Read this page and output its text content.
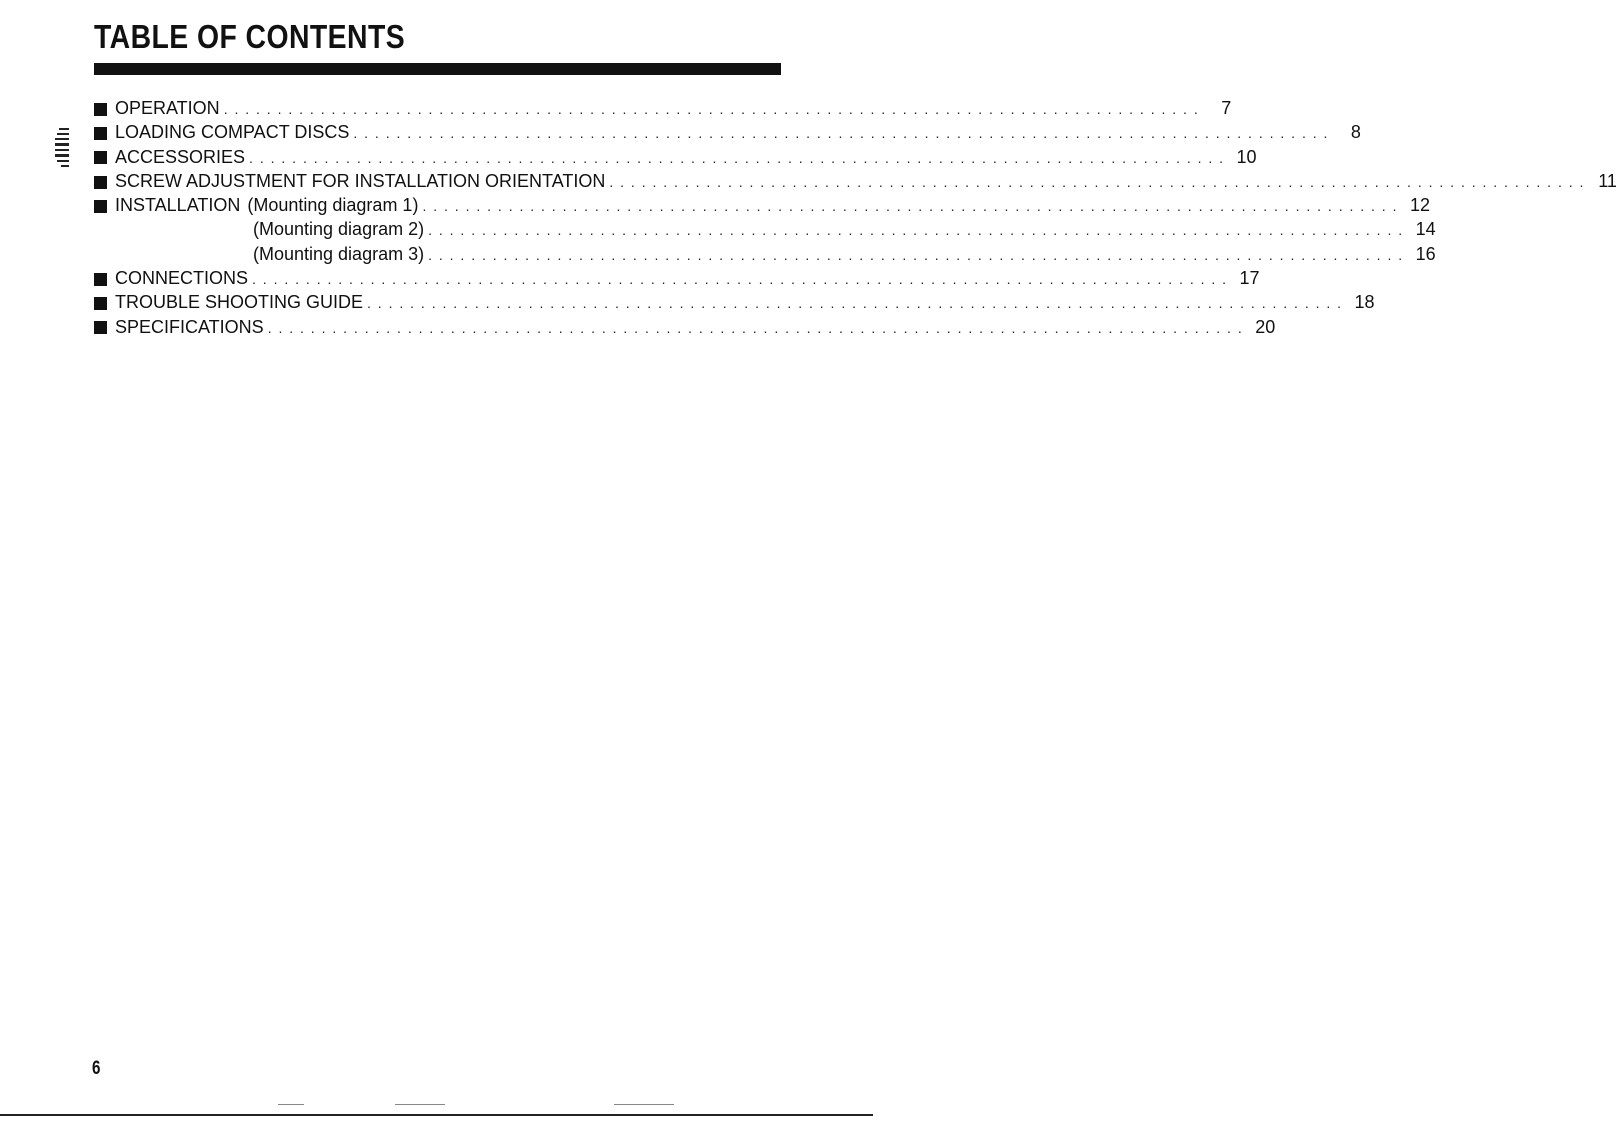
TABLE OF CONTENTS
OPERATION . . . . . . . . . . . . . . . . . . . . . . . . . . . . . . . . . . . . . . . . . . . . . . . . . . . . . . . . . . . . . . . . . . . . . . . . . . . . . . . . . . . . . . . . . . .	7
LOADING COMPACT DISCS . . . . . . . . . . . . . . . . . . . . . . . . . . . . . . . . . . . . . . . . . . . . . . . . . . . . . . . . . . . . . . . . . . . . . . . . . . . . . . . . . . . . . . . . . . .	8
ACCESSORIES . . . . . . . . . . . . . . . . . . . . . . . . . . . . . . . . . . . . . . . . . . . . . . . . . . . . . . . . . . . . . . . . . . . . . . . . . . . . . . . . . . . . . . . . . . . 10
SCREW ADJUSTMENT FOR INSTALLATION ORIENTATION . . . . . . . . . . . . . . . . . . . . . . . . . . . . . . . . . . . . . . . . . . . . . . . . . . . . . . . . . . . . . . . . . . . . . . . . . . . . . . . . . . . . . . . . . . . 11
INSTALLATION (Mounting diagram 1) . . . . . . . . . . . . . . . . . . . . . . . . . . . . . . . . . . . . . . . . . . . . . . . . . . . . . . . . . . . . . . . . . . . . . . . . . . . . . . . . . . . . . . . . . . . 12
(Mounting diagram 2) . . . . . . . . . . . . . . . . . . . . . . . . . . . . . . . . . . . . . . . . . . . . . . . . . . . . . . . . . . . . . . . . . . . . . . . . . . . . . . . . . . . . . . . . . . . 14
(Mounting diagram 3) . . . . . . . . . . . . . . . . . . . . . . . . . . . . . . . . . . . . . . . . . . . . . . . . . . . . . . . . . . . . . . . . . . . . . . . . . . . . . . . . . . . . . . . . . . . 16
CONNECTIONS . . . . . . . . . . . . . . . . . . . . . . . . . . . . . . . . . . . . . . . . . . . . . . . . . . . . . . . . . . . . . . . . . . . . . . . . . . . . . . . . . . . . . . . . . . . 17
TROUBLE SHOOTING GUIDE . . . . . . . . . . . . . . . . . . . . . . . . . . . . . . . . . . . . . . . . . . . . . . . . . . . . . . . . . . . . . . . . . . . . . . . . . . . . . . . . . . . . . . . . . . . 18
SPECIFICATIONS . . . . . . . . . . . . . . . . . . . . . . . . . . . . . . . . . . . . . . . . . . . . . . . . . . . . . . . . . . . . . . . . . . . . . . . . . . . . . . . . . . . . . . . . . . . 20
6
